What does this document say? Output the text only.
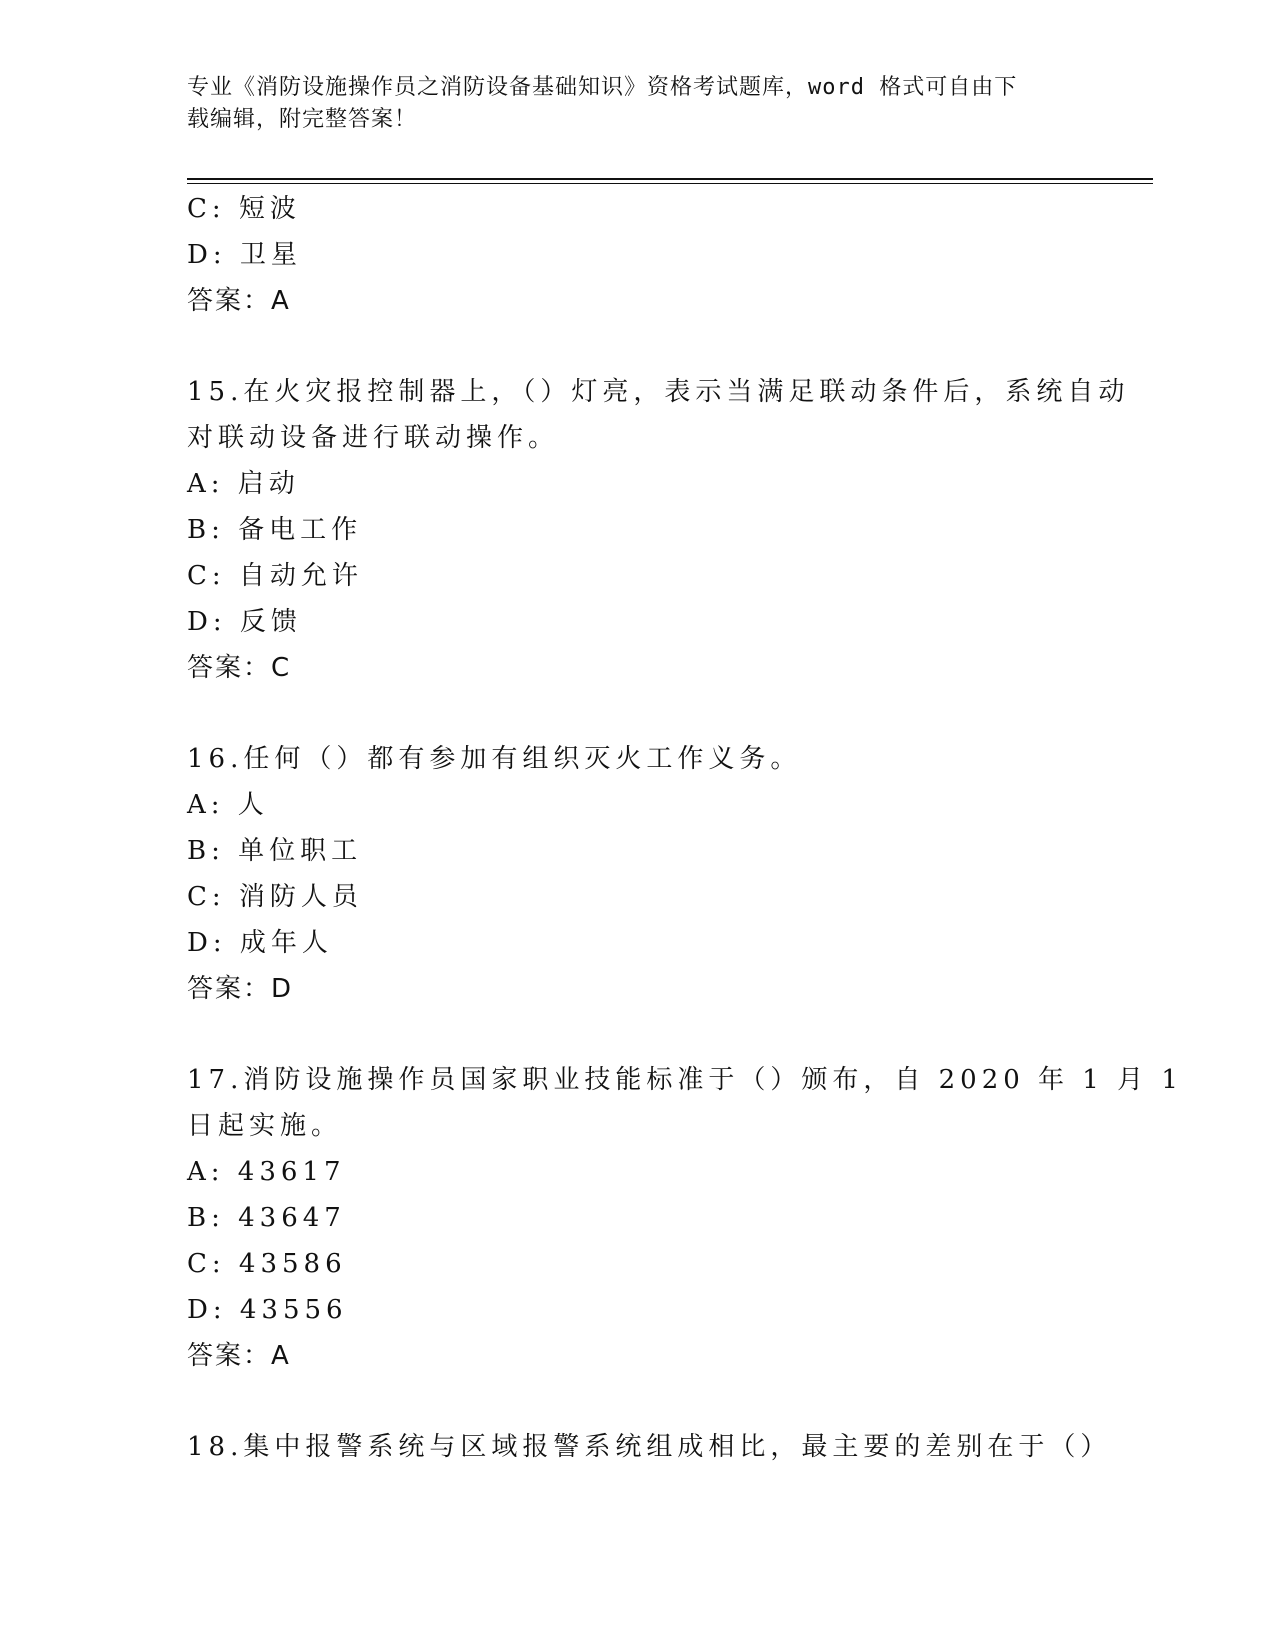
专业《消防设施操作员之消防设备基础知识》资格考试题库，word 格式可自由下
载编辑，附完整答案！
C: 短波
D: 卫星
答案：A
15.在火灾报控制器上，（）灯亮，表示当满足联动条件后，系统自动
对联动设备进行联动操作。
A: 启动
B: 备电工作
C: 自动允许
D: 反馈
答案：C
16.任何（）都有参加有组织灭火工作义务。
A: 人
B: 单位职工
C: 消防人员
D: 成年人
答案：D
17.消防设施操作员国家职业技能标准于（）颁布，自 2020 年 1 月 1
日起实施。
A: 43617
B: 43647
C: 43586
D: 43556
答案：A
18.集中报警系统与区域报警系统组成相比，最主要的差别在于（）
